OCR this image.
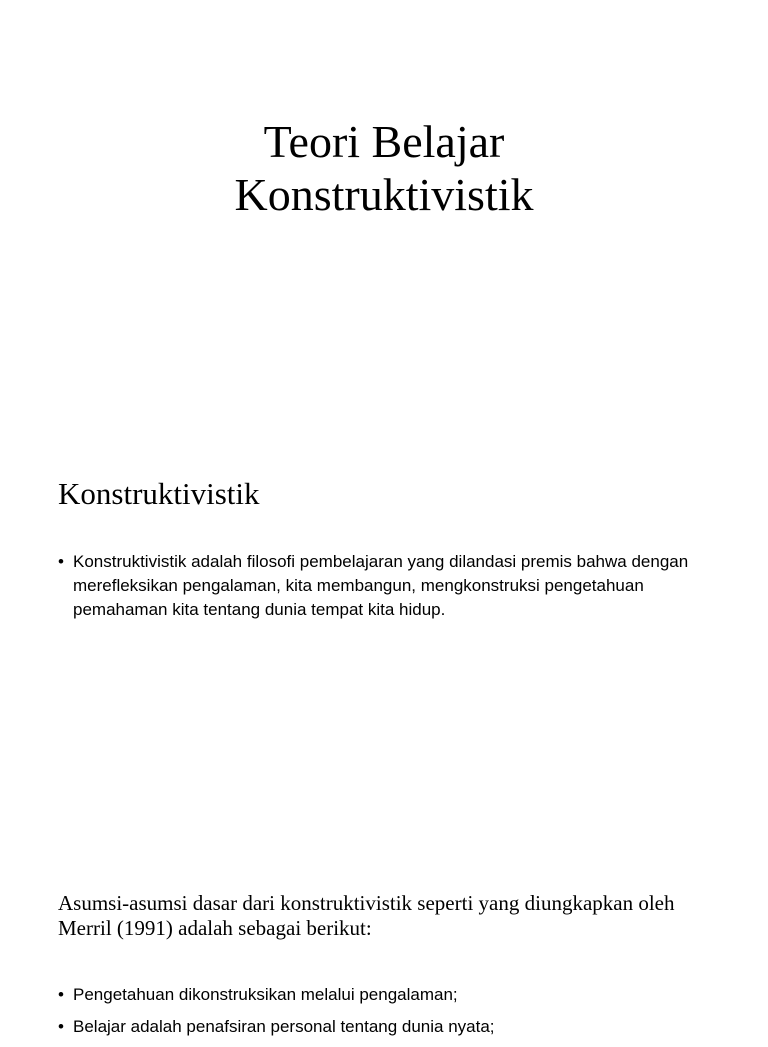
Teori Belajar
Konstruktivistik
Konstruktivistik
• Konstruktivistik adalah filosofi pembelajaran yang dilandasi premis bahwa dengan merefleksikan pengalaman, kita membangun, mengkonstruksi pengetahuan pemahaman kita tentang dunia tempat kita hidup.
Asumsi-asumsi dasar dari konstruktivistik seperti yang diungkapkan oleh Merril (1991) adalah sebagai berikut:
• Pengetahuan dikonstruksikan melalui pengalaman;
• Belajar adalah penafsiran personal tentang dunia nyata;
